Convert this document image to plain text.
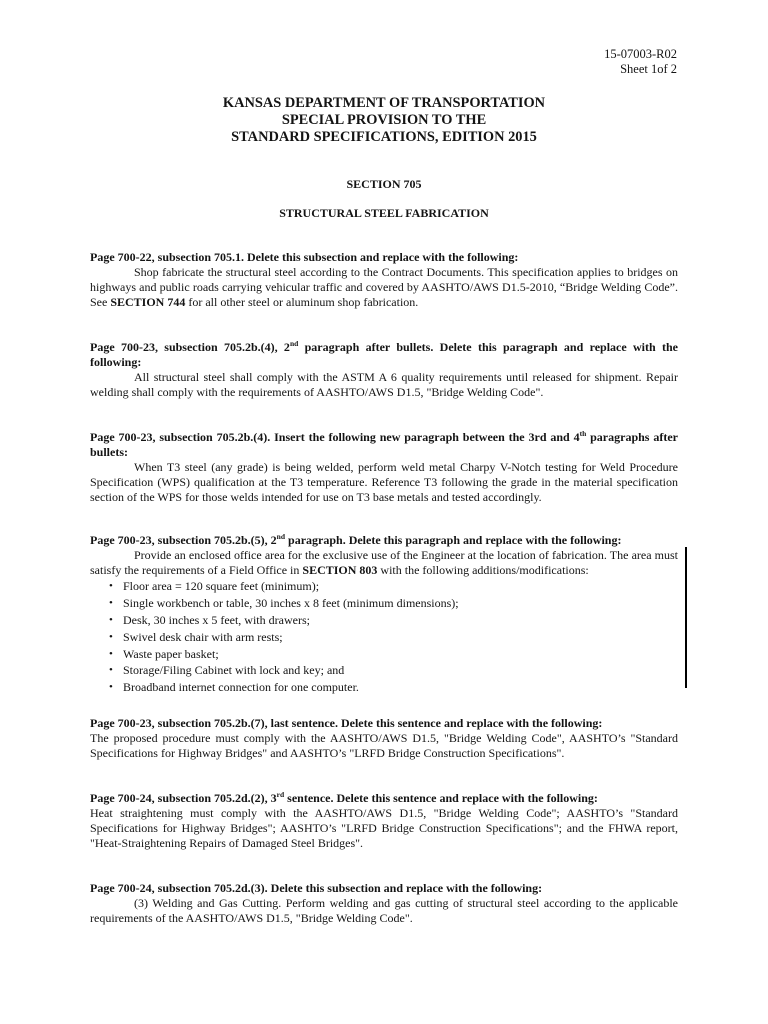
15-07003-R02
Sheet 1of 2
KANSAS DEPARTMENT OF TRANSPORTATION
SPECIAL PROVISION TO THE
STANDARD SPECIFICATIONS, EDITION 2015
SECTION 705
STRUCTURAL STEEL FABRICATION
Page 700-22, subsection 705.1. Delete this subsection and replace with the following:
Shop fabricate the structural steel according to the Contract Documents. This specification applies to bridges on highways and public roads carrying vehicular traffic and covered by AASHTO/AWS D1.5-2010, “Bridge Welding Code”. See SECTION 744 for all other steel or aluminum shop fabrication.
Page 700-23, subsection 705.2b.(4), 2nd paragraph after bullets. Delete this paragraph and replace with the following:
All structural steel shall comply with the ASTM A 6 quality requirements until released for shipment. Repair welding shall comply with the requirements of AASHTO/AWS D1.5, "Bridge Welding Code".
Page 700-23, subsection 705.2b.(4). Insert the following new paragraph between the 3rd and 4th paragraphs after bullets:
When T3 steel (any grade) is being welded, perform weld metal Charpy V-Notch testing for Weld Procedure Specification (WPS) qualification at the T3 temperature. Reference T3 following the grade in the material specification section of the WPS for those welds intended for use on T3 base metals and tested accordingly.
Page 700-23, subsection 705.2b.(5), 2nd paragraph. Delete this paragraph and replace with the following:
Provide an enclosed office area for the exclusive use of the Engineer at the location of fabrication. The area must satisfy the requirements of a Field Office in SECTION 803 with the following additions/modifications:
• Floor area = 120 square feet (minimum);
• Single workbench or table, 30 inches x 8 feet (minimum dimensions);
• Desk, 30 inches x 5 feet, with drawers;
• Swivel desk chair with arm rests;
• Waste paper basket;
• Storage/Filing Cabinet with lock and key; and
• Broadband internet connection for one computer.
Page 700-23, subsection 705.2b.(7), last sentence. Delete this sentence and replace with the following:
The proposed procedure must comply with the AASHTO/AWS D1.5, "Bridge Welding Code", AASHTO’s "Standard Specifications for Highway Bridges" and AASHTO’s "LRFD Bridge Construction Specifications".
Page 700-24, subsection 705.2d.(2), 3rd sentence. Delete this sentence and replace with the following:
Heat straightening must comply with the AASHTO/AWS D1.5, "Bridge Welding Code"; AASHTO’s "Standard Specifications for Highway Bridges"; AASHTO’s "LRFD Bridge Construction Specifications"; and the FHWA report, "Heat-Straightening Repairs of Damaged Steel Bridges".
Page 700-24, subsection 705.2d.(3). Delete this subsection and replace with the following:
(3) Welding and Gas Cutting. Perform welding and gas cutting of structural steel according to the applicable requirements of the AASHTO/AWS D1.5, "Bridge Welding Code".
